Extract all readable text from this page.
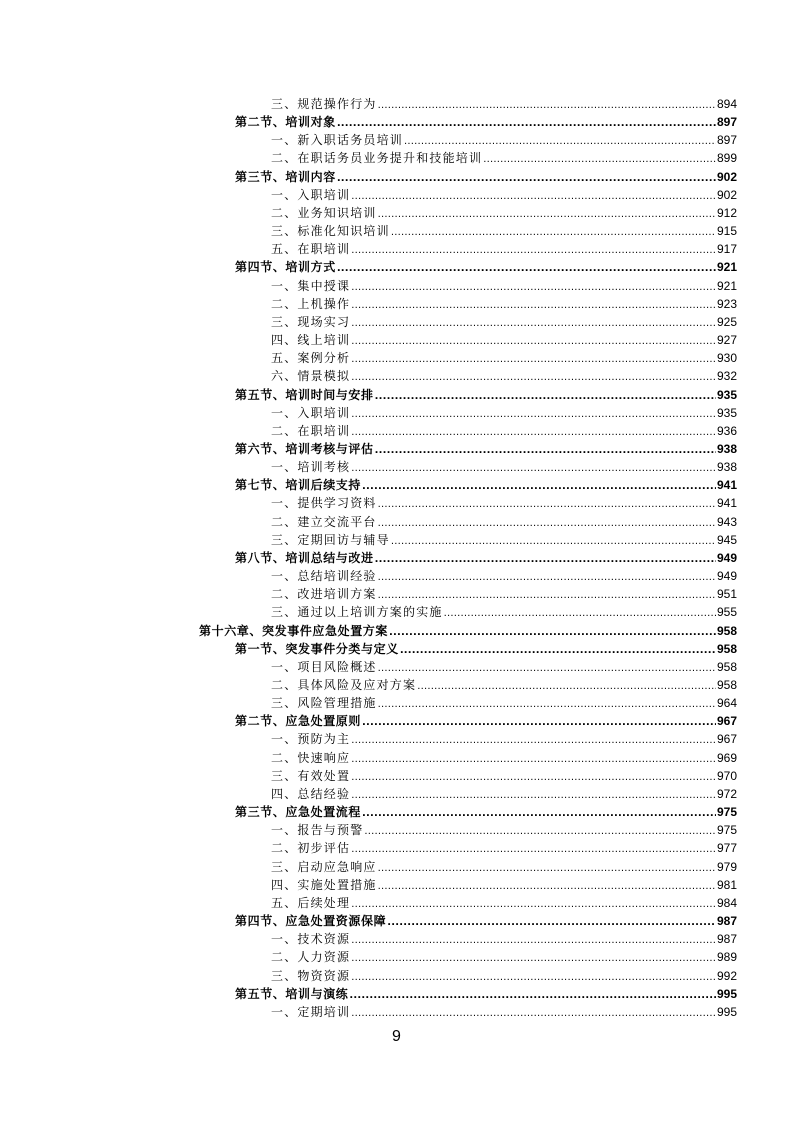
三、规范操作行为 .....	894
第二节、培训对象 .....	897
一、新入职话务员培训 .....	897
二、在职话务员业务提升和技能培训 .....	899
第三节、培训内容 .....	902
一、入职培训 .....	902
二、业务知识培训 .....	912
三、标准化知识培训 .....	915
五、在职培训 .....	917
第四节、培训方式 .....	921
一、集中授课 .....	921
二、上机操作 .....	923
三、现场实习 .....	925
四、线上培训 .....	927
五、案例分析 .....	930
六、情景模拟 .....	932
第五节、培训时间与安排 .....	935
一、入职培训 .....	935
二、在职培训 .....	936
第六节、培训考核与评估 .....	938
一、培训考核 .....	938
第七节、培训后续支持 .....	941
一、提供学习资料 .....	941
二、建立交流平台 .....	943
三、定期回访与辅导 .....	945
第八节、培训总结与改进 .....	949
一、总结培训经验 .....	949
二、改进培训方案 .....	951
三、通过以上培训方案的实施 .....	955
第十六章、突发事件应急处置方案 .....	958
第一节、突发事件分类与定义 .....	958
一、项目风险概述 .....	958
二、具体风险及应对方案 .....	958
三、风险管理措施 .....	964
第二节、应急处置原则 .....	967
一、预防为主 .....	967
二、快速响应 .....	969
三、有效处置 .....	970
四、总结经验 .....	972
第三节、应急处置流程 .....	975
一、报告与预警 .....	975
二、初步评估 .....	977
三、启动应急响应 .....	979
四、实施处置措施 .....	981
五、后续处理 .....	984
第四节、应急处置资源保障 .....	987
一、技术资源 .....	987
二、人力资源 .....	989
三、物资资源 .....	992
第五节、培训与演练 .....	995
一、定期培训 .....	995
9
